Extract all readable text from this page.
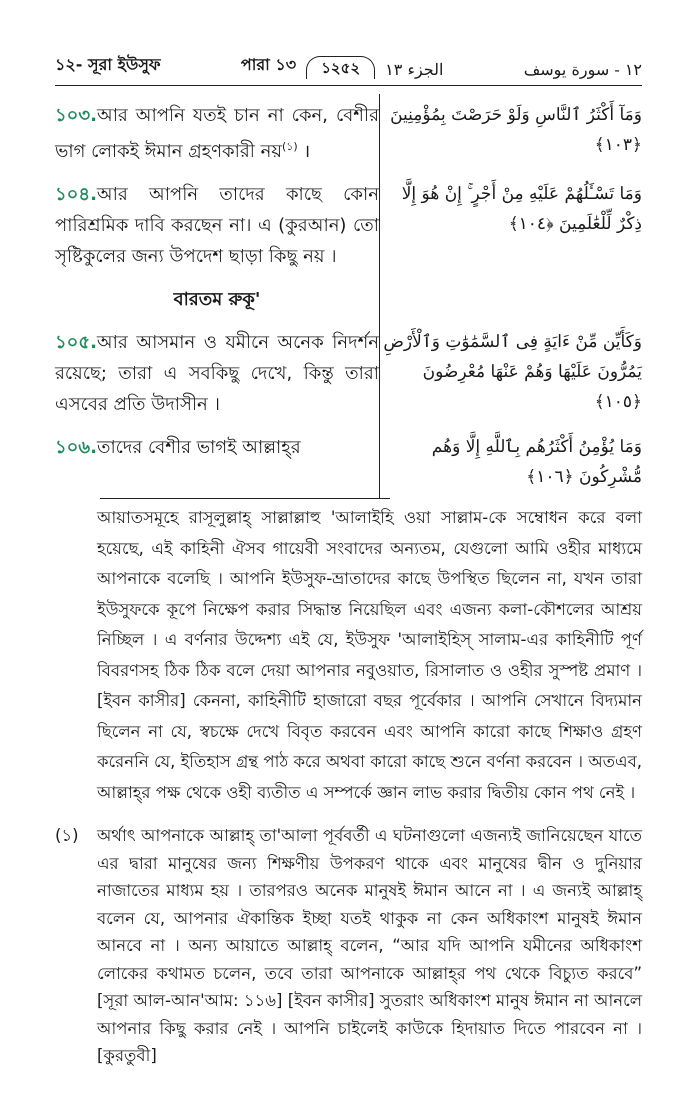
১২- সূরা ইউসুফ	পারা ১৩	১২৫২	الجزء ١٣	١٢ - سورة يوسف
১০৩.আর আপনি যতই চান না কেন, বেশীর ভাগ লোকই ঈমান গ্রহণকারী নয়$^{(১)}$ ।
وَمَآ أَكْثَرُ ٱلنَّاسِ وَلَوْ حَرَصْتَ بِمُؤْمِنِينَ ﴿١٠٣﴾
১০৪.আর আপনি তাদের কাছে কোন পারিশ্রমিক দাবি করছেন না। এ (কুরআন) তো সৃষ্টিকুলের জন্য উপদেশ ছাড়া কিছু নয় ।
وَمَا تَسْـَٔلُهُمْ عَلَيْهِ مِنْ أَجْرٍ ۚ إِنْ هُوَ إِلَّا ذِكْرٌ لِّلْعَٰلَمِينَ ﴿١٠٤﴾
বারতম রুকূ'
১০৫.আর আসমান ও যমীনে অনেক নিদর্শন রয়েছে; তারা এ সবকিছু দেখে, কিন্তু তারা এসবের প্রতি উদাসীন ।
وَكَأَيِّن مِّنْ ءَايَةٍ فِى ٱلسَّمَٰوَٰتِ وَٱلْأَرْضِ يَمُرُّونَ عَلَيْهَا وَهُمْ عَنْهَا مُعْرِضُونَ ﴿١٠٥﴾
১০৬.তাদের বেশীর ভাগই আল্লাহ্‌র	وَمَا يُؤْمِنُ أَكْثَرُهُم بِٱللَّهِ إِلَّا وَهُم مُّشْرِكُونَ ﴿١٠٦﴾
আয়াতসমূহে রাসূলুল্লাহ্‌ সাল্লাল্লাহু 'আলাইহি ওয়া সাল্লাম-কে সম্বোধন করে বলা হয়েছে, এই কাহিনী ঐসব গায়েবী সংবাদের অন্যতম, যেগুলো আমি ওহীর মাধ্যমে আপনাকে বলেছি । আপনি ইউসুফ-ভ্রাতাদের কাছে উপস্থিত ছিলেন না, যখন তারা ইউসুফকে কূপে নিক্ষেপ করার সিদ্ধান্ত নিয়েছিল এবং এজন্য কলা-কৌশলের আশ্রয় নিচ্ছিল । এ বর্ণনার উদ্দেশ্য এই যে, ইউসুফ 'আলাইহিস্‌ সালাম-এর কাহিনীটি পূর্ণ বিবরণসহ ঠিক ঠিক বলে দেয়া আপনার নবুওয়াত, রিসালাত ও ওহীর সুস্পষ্ট প্রমাণ । [ইবন কাসীর] কেননা, কাহিনীটি হাজারো বছর পূর্বেকার । আপনি সেখানে বিদ্যমান ছিলেন না যে, স্বচক্ষে দেখে বিবৃত করবেন এবং আপনি কারো কাছে শিক্ষাও গ্রহণ করেননি যে, ইতিহাস গ্রন্থ পাঠ করে অথবা কারো কাছে শুনে বর্ণনা করবেন । অতএব, আল্লাহ্‌র পক্ষ থেকে ওহী ব্যতীত এ সম্পর্কে জ্ঞান লাভ করার দ্বিতীয় কোন পথ নেই ।
(১)	অর্থাৎ আপনাকে আল্লাহ্‌ তা'আলা পূর্ববর্তী এ ঘটনাগুলো এজন্যই জানিয়েছেন যাতে এর দ্বারা মানুষের জন্য শিক্ষণীয় উপকরণ থাকে এবং মানুষের দ্বীন ও দুনিয়ার নাজাতের মাধ্যম হয় । তারপরও অনেক মানুষই ঈমান আনে না । এ জন্যই আল্লাহ্‌ বলেন যে, আপনার ঐকান্তিক ইচ্ছা যতই থাকুক না কেন অধিকাংশ মানুষই ঈমান আনবে না । অন্য আয়াতে আল্লাহ্‌ বলেন, “আর যদি আপনি যমীনের অধিকাংশ লোকের কথামত চলেন, তবে তারা আপনাকে আল্লাহ্‌র পথ থেকে বিচ্যুত করবে” [সূরা আল-আন'আম: ১১৬] [ইবন কাসীর] সুতরাং অধিকাংশ মানুষ ঈমান না আনলে আপনার কিছু করার নেই । আপনি চাইলেই কাউকে হিদায়াত দিতে পারবেন না । [কুরতুবী]
